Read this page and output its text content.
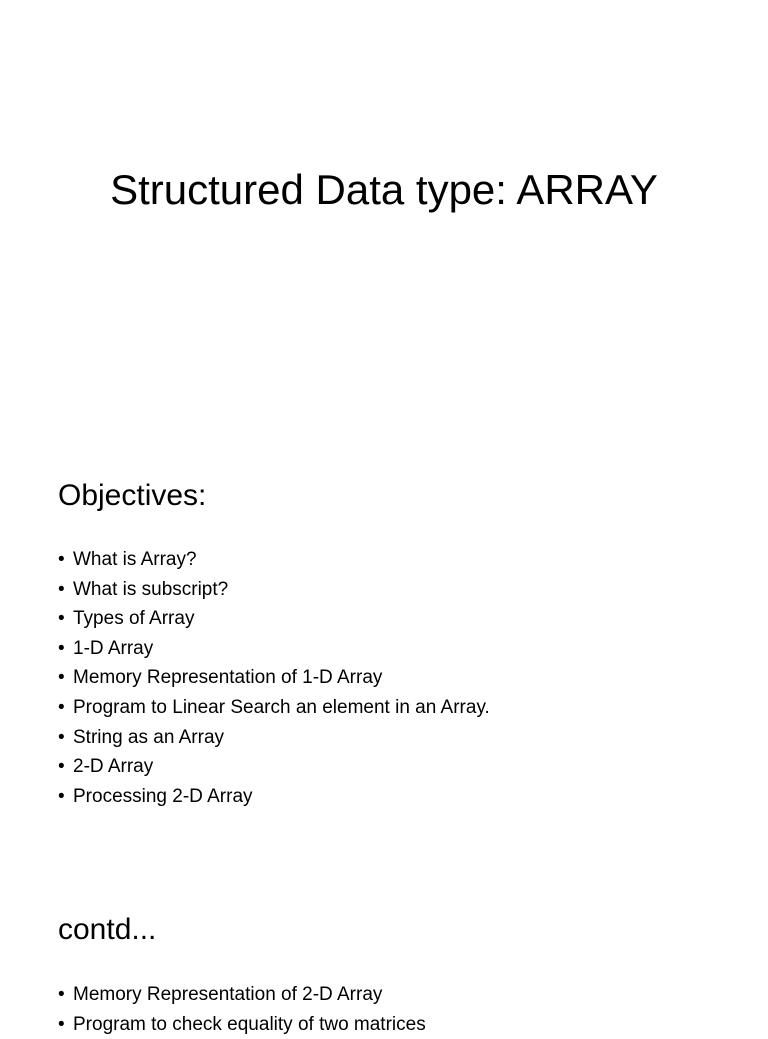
Structured Data type: ARRAY
Objectives:
• What is Array?
• What is subscript?
• Types of Array
• 1-D Array
• Memory Representation of 1-D Array
• Program to Linear Search an element in an Array.
• String as an Array
• 2-D Array
• Processing 2-D Array
contd...
• Memory Representation of 2-D Array
• Program to check equality of two matrices
